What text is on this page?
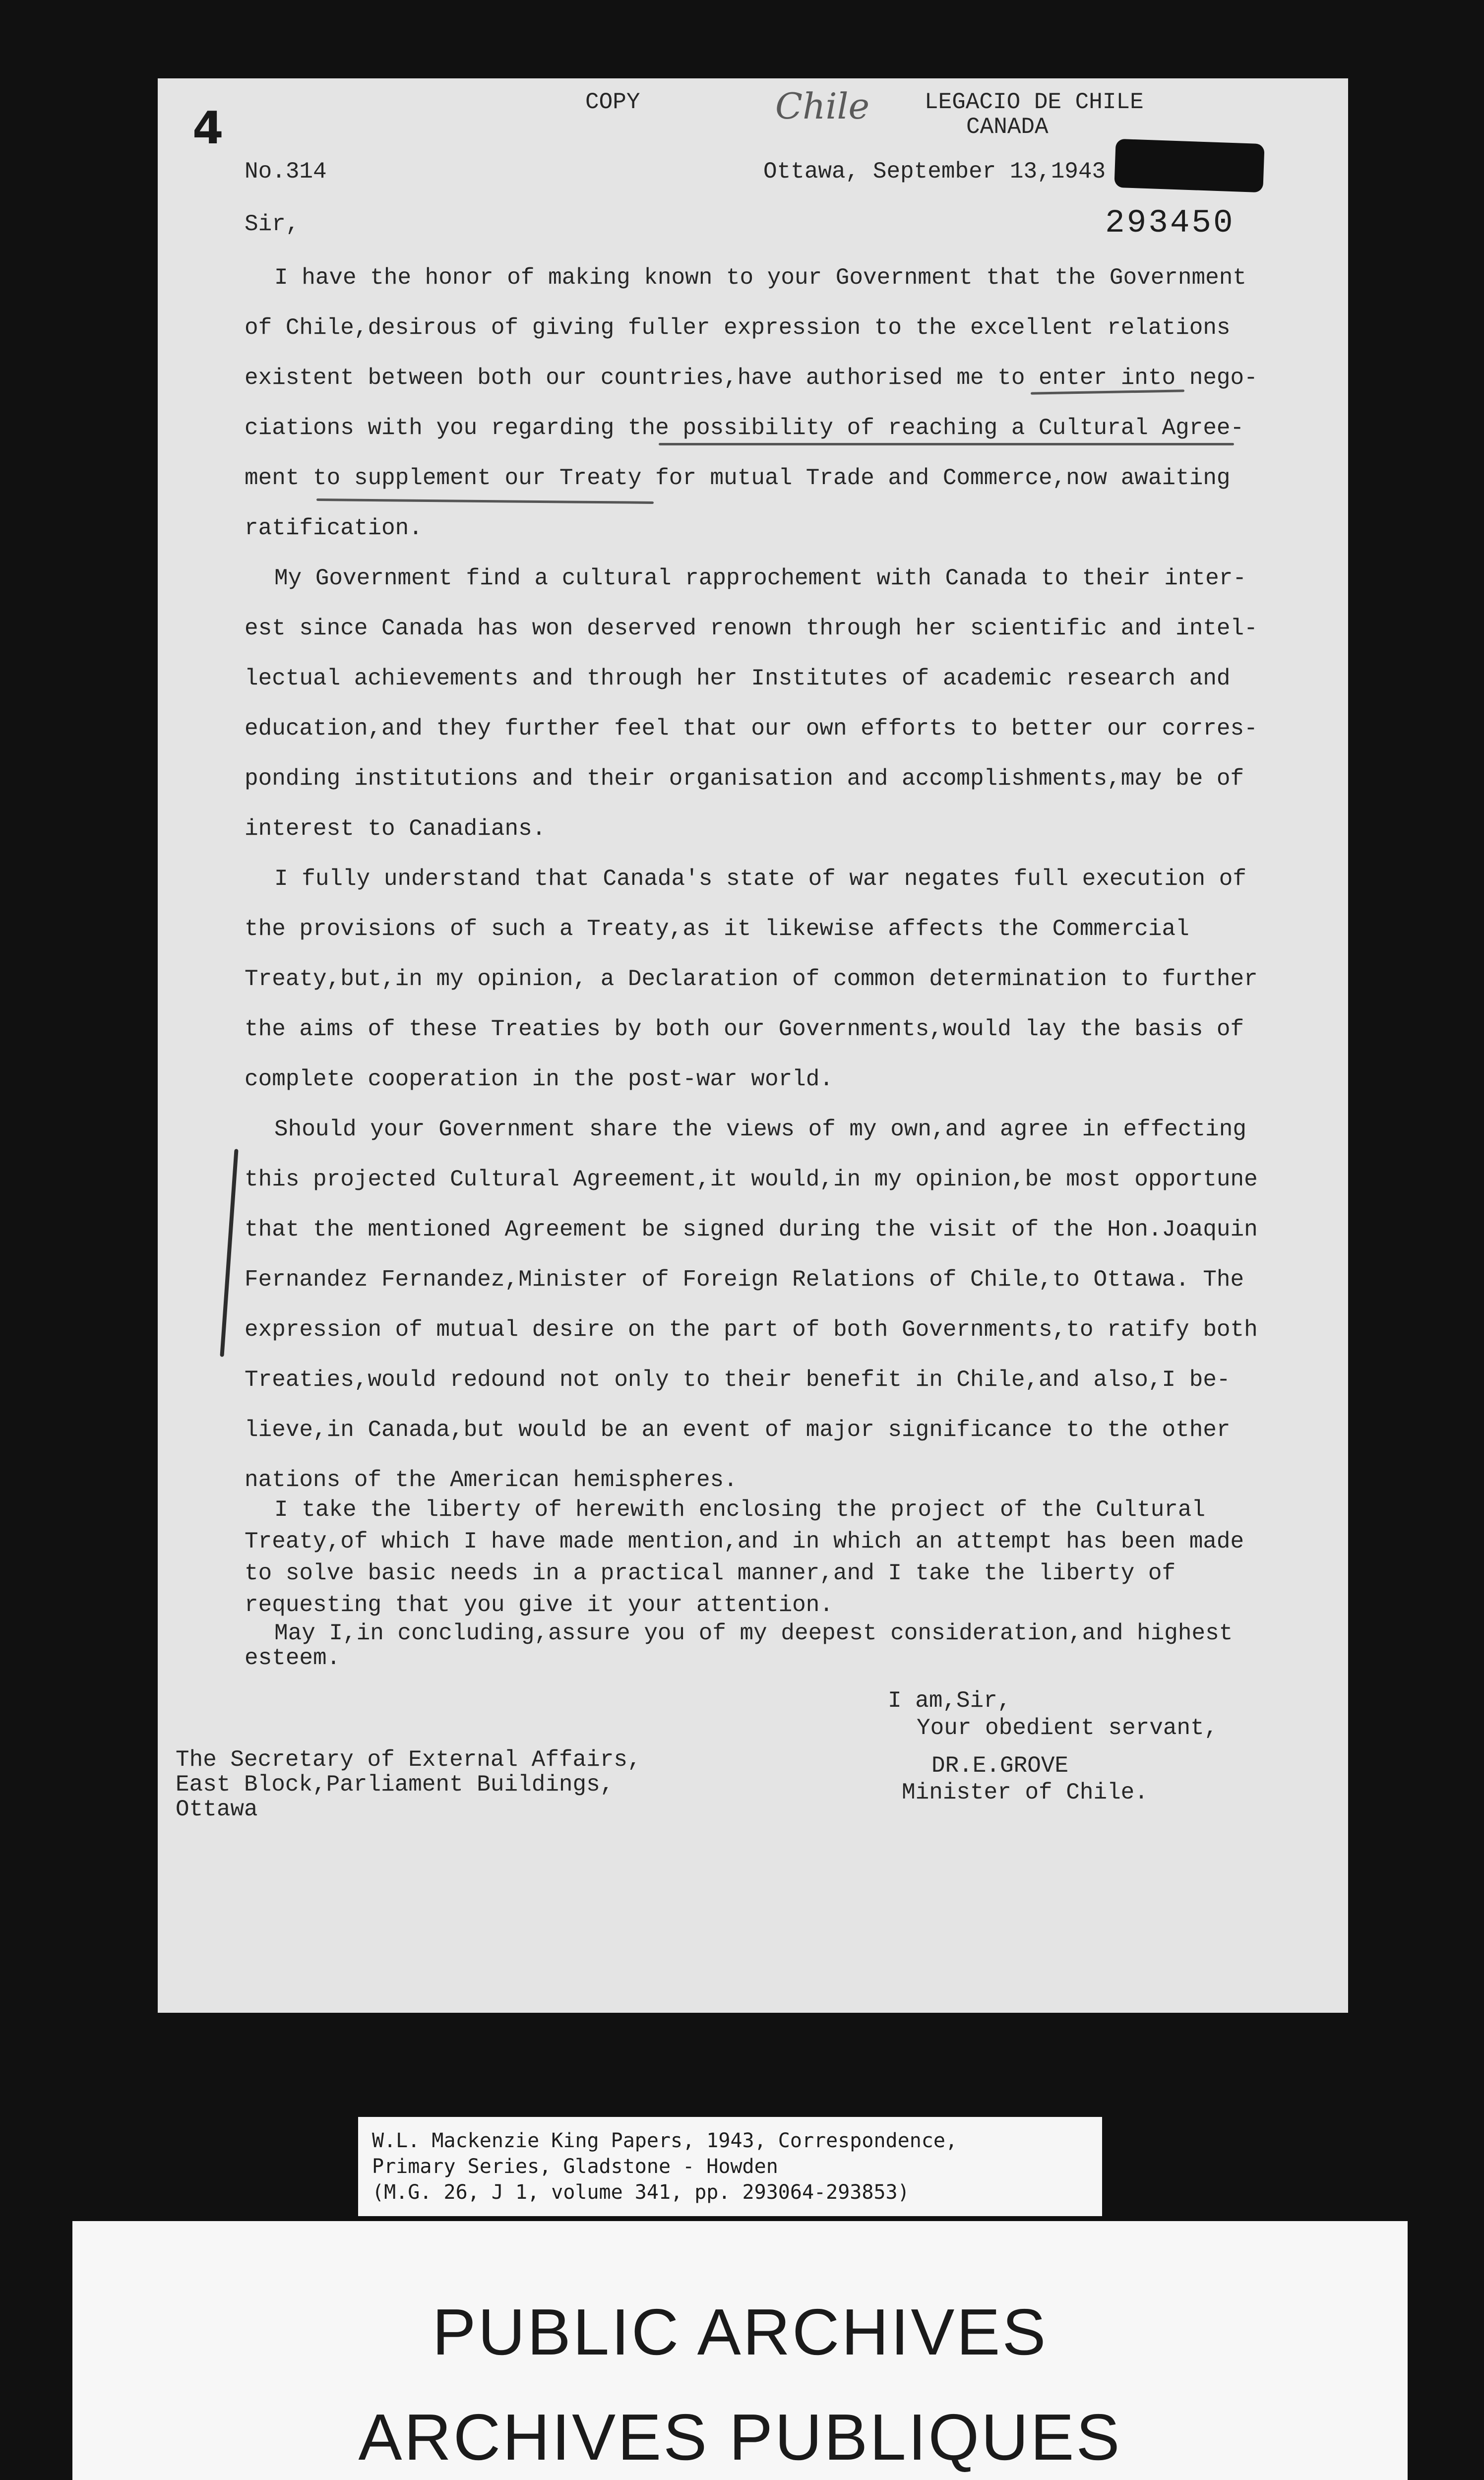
4	COPY	Chile LEGACIO DE CHILE
CANADA
No.314	Ottawa, September 13,1943
293450
Sir,
I have the honor of making known to your Government that the Government
of Chile,desirous of giving fuller expression to the excellent relations
existent between both our countries,have authorised me to enter into nego-
ciations with you regarding the possibility of reaching a Cultural Agree-
ment to supplement our Treaty for mutual Trade and Commerce,now awaiting
ratification.
My Government find a cultural rapprochement with Canada to their inter-
est since Canada has won deserved renown through her scientific and intel-
lectual achievements and through her Institutes of academic research and
education,and they further feel that our own efforts to better our corres-
ponding institutions and their organisation and accomplishments,may be of
interest to Canadians.
I fully understand that Canada's state of war negates full execution of
the provisions of such a Treaty,as it likewise affects the Commercial
Treaty,but,in my opinion, a Declaration of common determination to further
the aims of these Treaties by both our Governments,would lay the basis of
complete cooperation in the post-war world.
Should your Government share the views of my own,and agree in effecting
this projected Cultural Agreement,it would,in my opinion,be most opportune
that the mentioned Agreement be signed during the visit of the Hon.Joaquin
Fernandez Fernandez,Minister of Foreign Relations of Chile,to Ottawa. The
expression of mutual desire on the part of both Governments,to ratify both
Treaties,would redound not only to their benefit in Chile,and also,I be-
lieve,in Canada,but would be an event of major significance to the other
nations of the American hemispheres.
I take the liberty of herewith enclosing the project of the Cultural
Treaty,of which I have made mention,and in which an attempt has been made
to solve basic needs in a practical manner,and I take the liberty of
requesting that you give it your attention.
May I,in concluding,assure you of my deepest consideration,and highest
esteem.
I am,Sir,
Your obedient servant,
DR.E.GROVE
Minister of Chile.
The Secretary of External Affairs,
East Block,Parliament Buildings,
Ottawa
W.L. Mackenzie King Papers, 1943, Correspondence,
Primary Series, Gladstone - Howden
(M.G. 26, J 1, volume 341, pp. 293064-293853)
PUBLIC ARCHIVES
ARCHIVES PUBLIQUES
